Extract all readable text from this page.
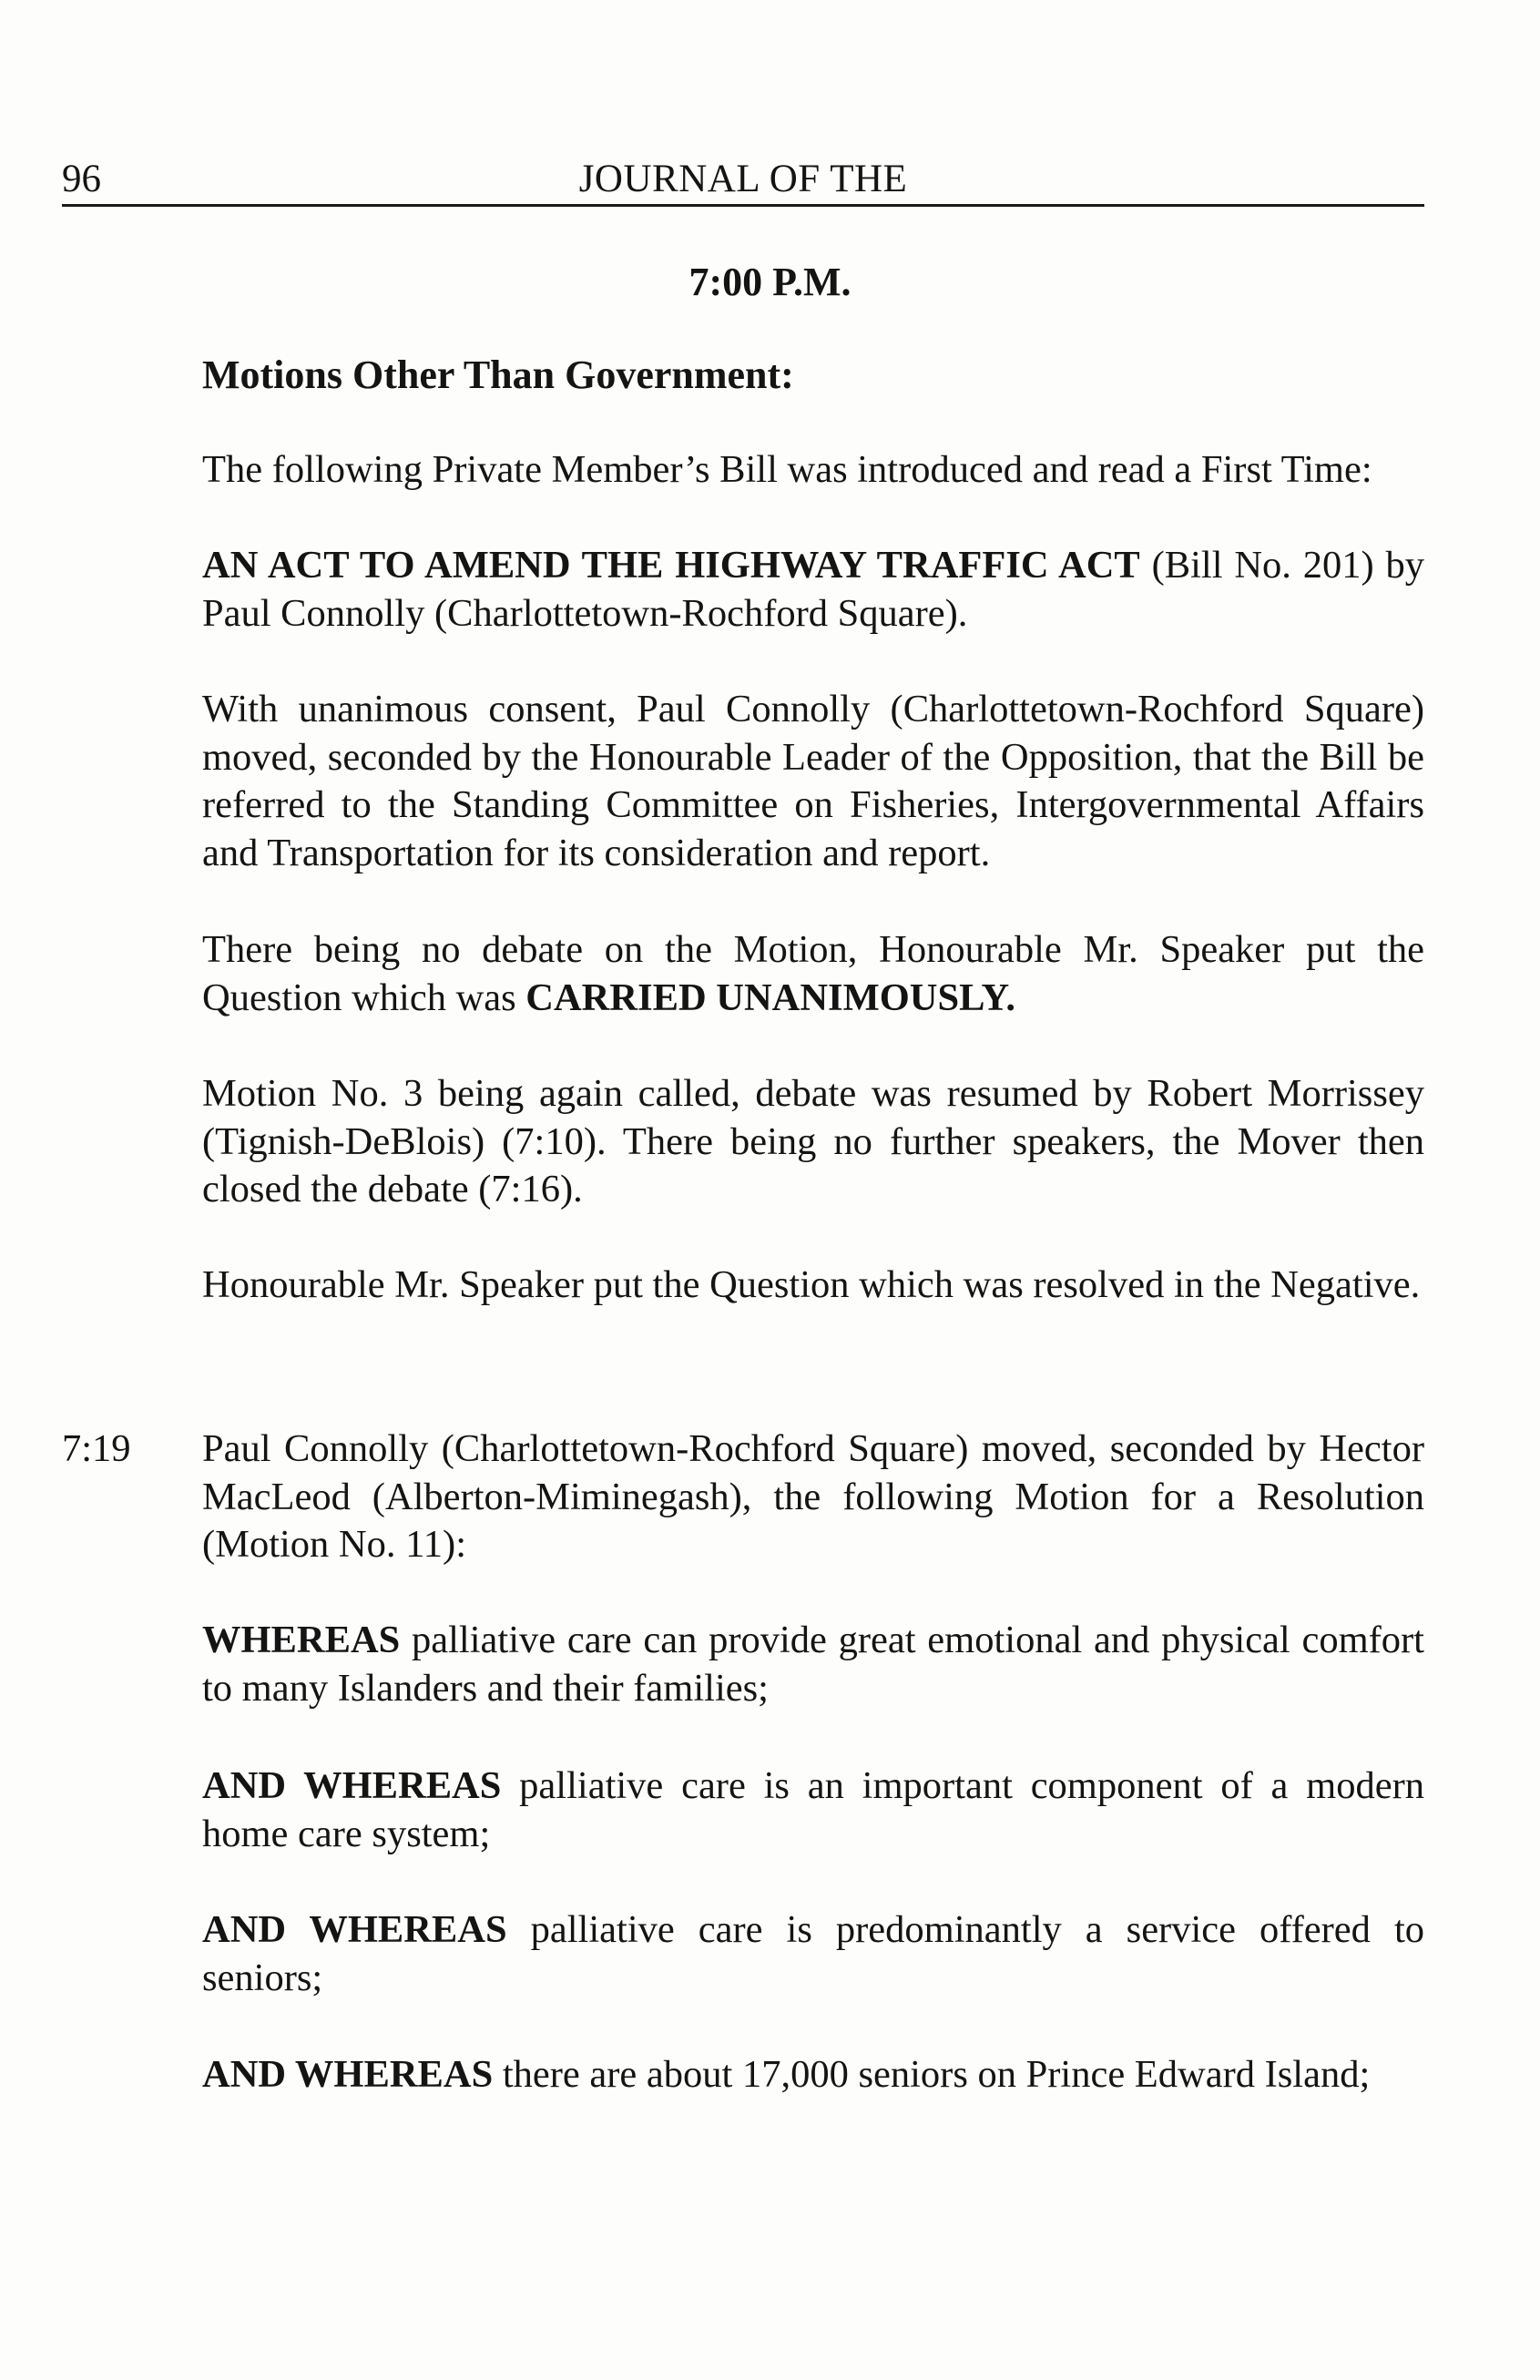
96	JOURNAL OF THE
7:00 P.M.
Motions Other Than Government:

The following Private Member’s Bill was introduced and read a First Time:

AN ACT TO AMEND THE HIGHWAY TRAFFIC ACT (Bill No. 201) by Paul Connolly (Charlottetown-Rochford Square).

With unanimous consent, Paul Connolly (Charlottetown-Rochford Square) moved, seconded by the Honourable Leader of the Opposition, that the Bill be referred to the Standing Committee on Fisheries, Intergovernmental Affairs and Transportation for its consideration and report.

There being no debate on the Motion, Honourable Mr. Speaker put the Question which was CARRIED UNANIMOUSLY.

Motion No. 3 being again called, debate was resumed by Robert Morrissey (Tignish-DeBlois) (7:10). There being no further speakers, the Mover then closed the debate (7:16).

Honourable Mr. Speaker put the Question which was resolved in the Negative.

7:19 Paul Connolly (Charlottetown-Rochford Square) moved, seconded by Hector MacLeod (Alberton-Miminegash), the following Motion for a Resolution (Motion No. 11):

WHEREAS palliative care can provide great emotional and physical comfort to many Islanders and their families;

AND WHEREAS palliative care is an important component of a modern home care system;

AND WHEREAS palliative care is predominantly a service offered to seniors;

AND WHEREAS there are about 17,000 seniors on Prince Edward Island;
